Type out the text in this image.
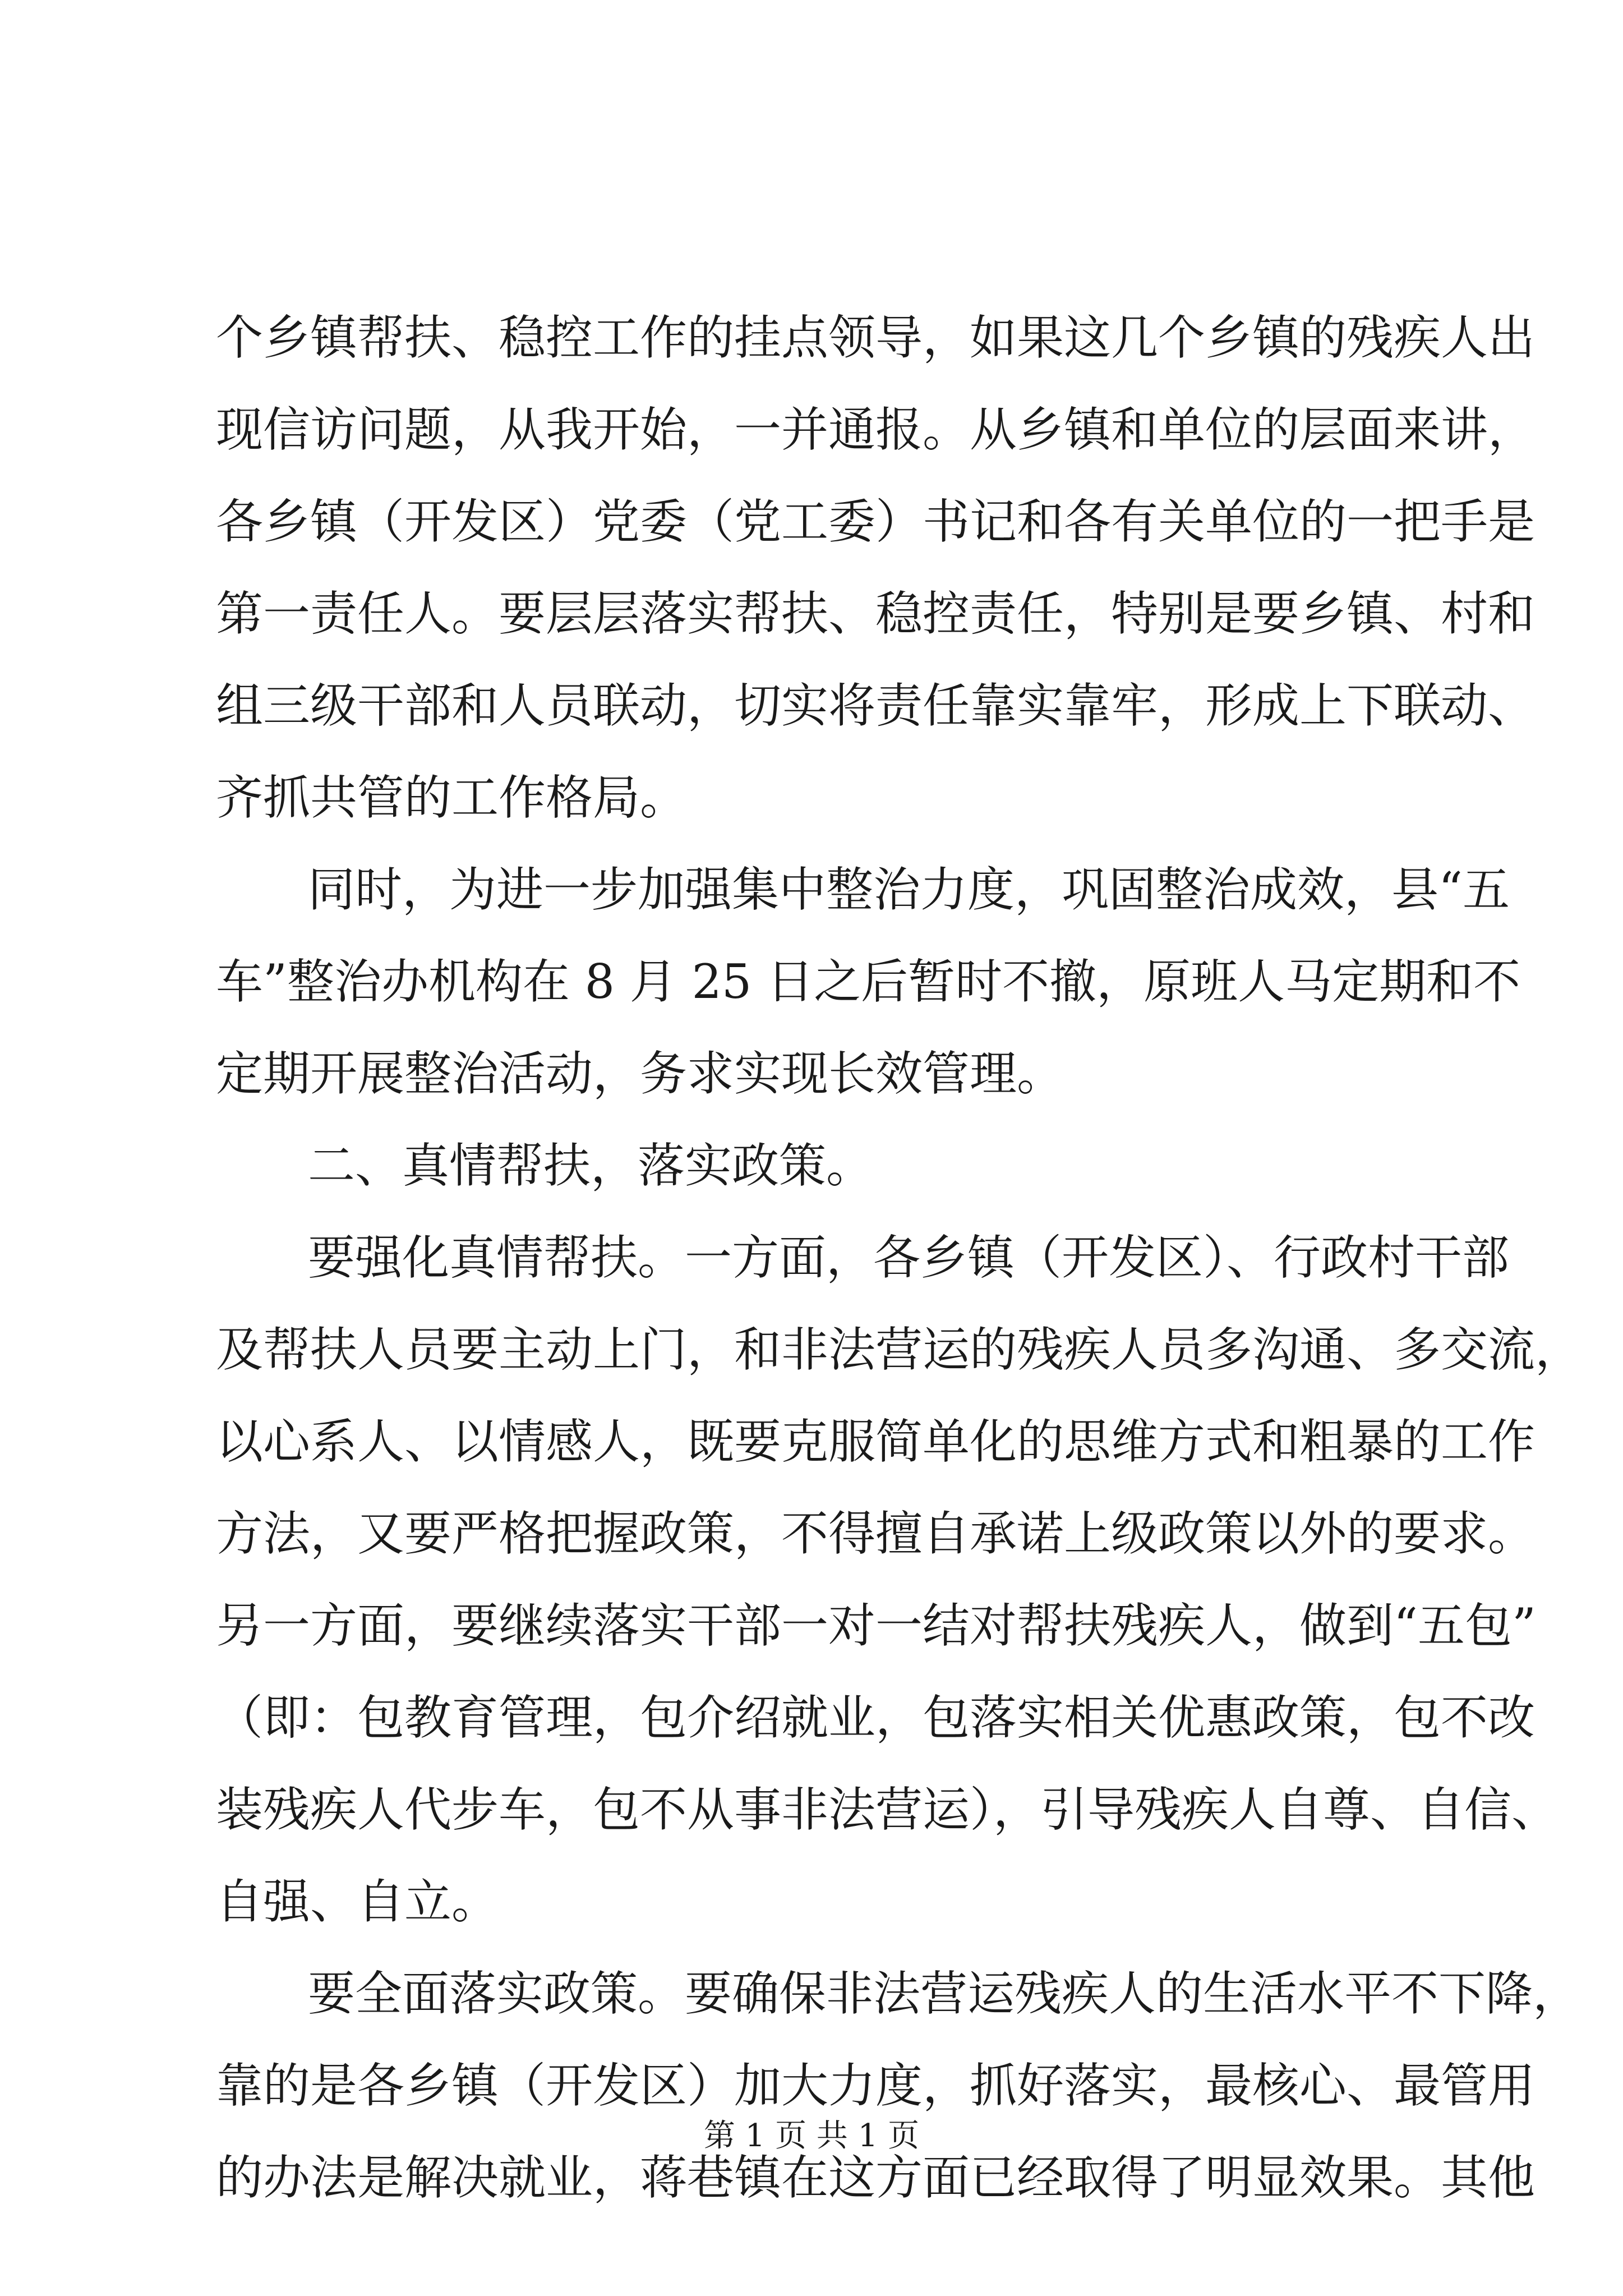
个乡镇帮扶、稳控工作的挂点领导，如果这几个乡镇的残疾人出
现信访问题，从我开始，一并通报。从乡镇和单位的层面来讲，
各乡镇（开发区）党委（党工委）书记和各有关单位的一把手是
第一责任人。要层层落实帮扶、稳控责任，特别是要乡镇、村和
组三级干部和人员联动，切实将责任靠实靠牢，形成上下联动、
齐抓共管的工作格局。
同时，为进一步加强集中整治力度，巩固整治成效，县“五
车”整治办机构在 8 月 25 日之后暂时不撤，原班人马定期和不
定期开展整治活动，务求实现长效管理。
二、真情帮扶，落实政策。
要强化真情帮扶。一方面，各乡镇（开发区）、行政村干部
及帮扶人员要主动上门，和非法营运的残疾人员多沟通、多交流，
以心系人、以情感人，既要克服简单化的思维方式和粗暴的工作
方法，又要严格把握政策，不得擅自承诺上级政策以外的要求。
另一方面，要继续落实干部一对一结对帮扶残疾人，做到“五包”
（即：包教育管理，包介绍就业，包落实相关优惠政策，包不改
装残疾人代步车，包不从事非法营运），引导残疾人自尊、自信、
自强、自立。
要全面落实政策。要确保非法营运残疾人的生活水平不下降，
靠的是各乡镇（开发区）加大力度，抓好落实，最核心、最管用
的办法是解决就业，蒋巷镇在这方面已经取得了明显效果。其他
第 1 页 共 1 页
